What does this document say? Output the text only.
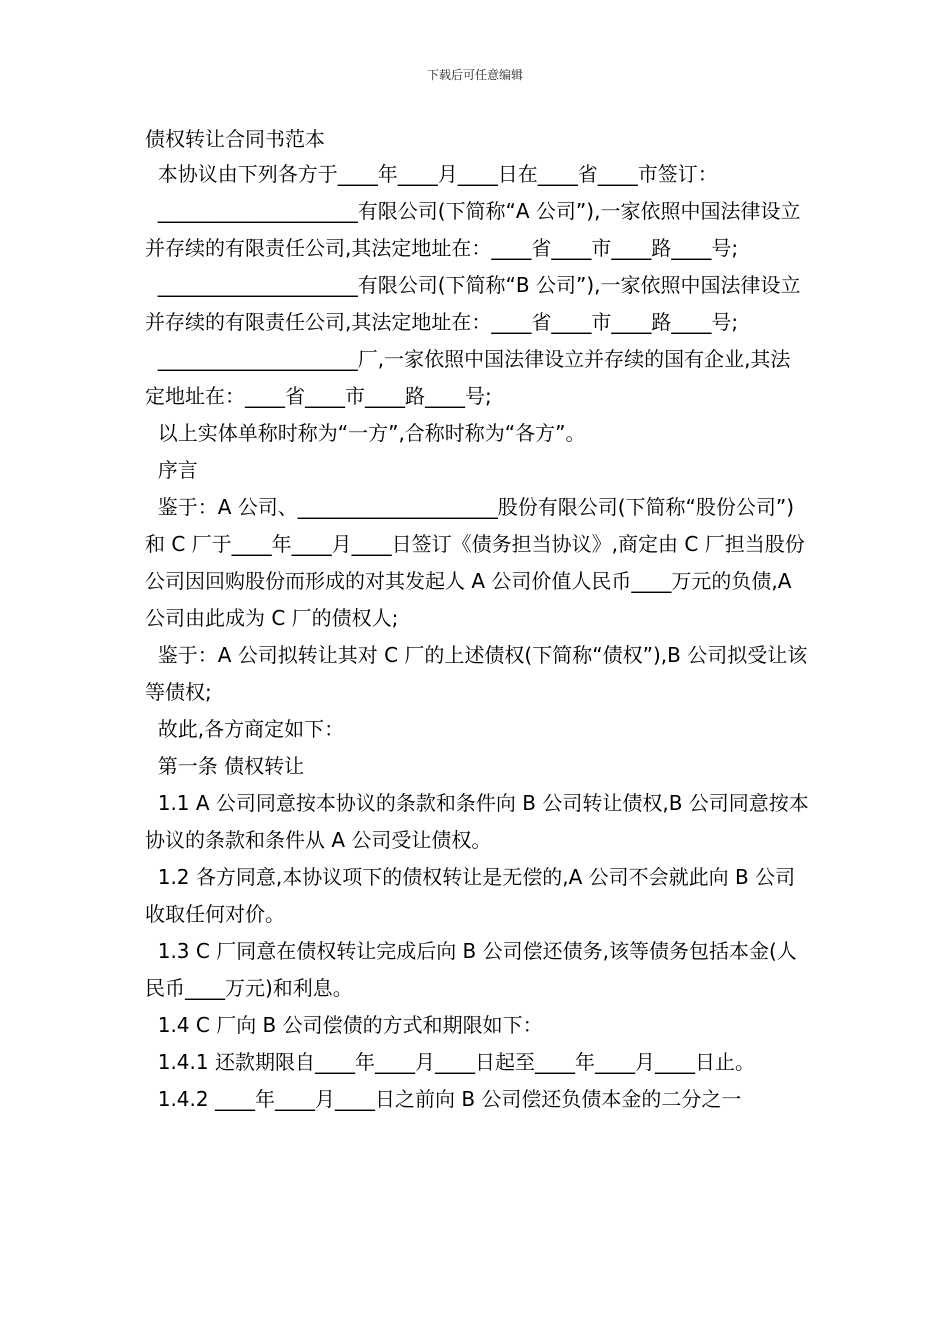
下载后可任意编辑

债权转让合同书范本

本协议由下列各方于____年____月____日在____省____市签订：

____________________有限公司(下简称“A 公司”),一家依照中国法律设立并存续的有限责任公司,其法定地址在：____省____市____路____号;

____________________有限公司(下简称“B 公司”),一家依照中国法律设立并存续的有限责任公司,其法定地址在：____省____市____路____号;

____________________厂,一家依照中国法律设立并存续的国有企业,其法定地址在：____省____市____路____号;

以上实体单称时称为“一方”,合称时称为“各方”。

序言

鉴于：A 公司、____________________股份有限公司(下简称“股份公司”)和 C 厂于____年____月____日签订《债务担当协议》,商定由 C 厂担当股份公司因回购股份而形成的对其发起人 A 公司价值人民币____万元的负债,A 公司由此成为 C 厂的债权人;

鉴于：A 公司拟转让其对 C 厂的上述债权(下简称“债权”),B 公司拟受让该等债权;

故此,各方商定如下：

第一条 债权转让

1.1 A 公司同意按本协议的条款和条件向 B 公司转让债权,B 公司同意按本协议的条款和条件从 A 公司受让债权。

1.2 各方同意,本协议项下的债权转让是无偿的,A 公司不会就此向 B 公司收取任何对价。

1.3 C 厂同意在债权转让完成后向 B 公司偿还债务,该等债务包括本金(人民币____万元)和利息。

1.4 C 厂向 B 公司偿债的方式和期限如下：

1.4.1 还款期限自____年____月____日起至____年____月____日止。

1.4.2 ____年____月____日之前向 B 公司偿还负债本金的二分之一
